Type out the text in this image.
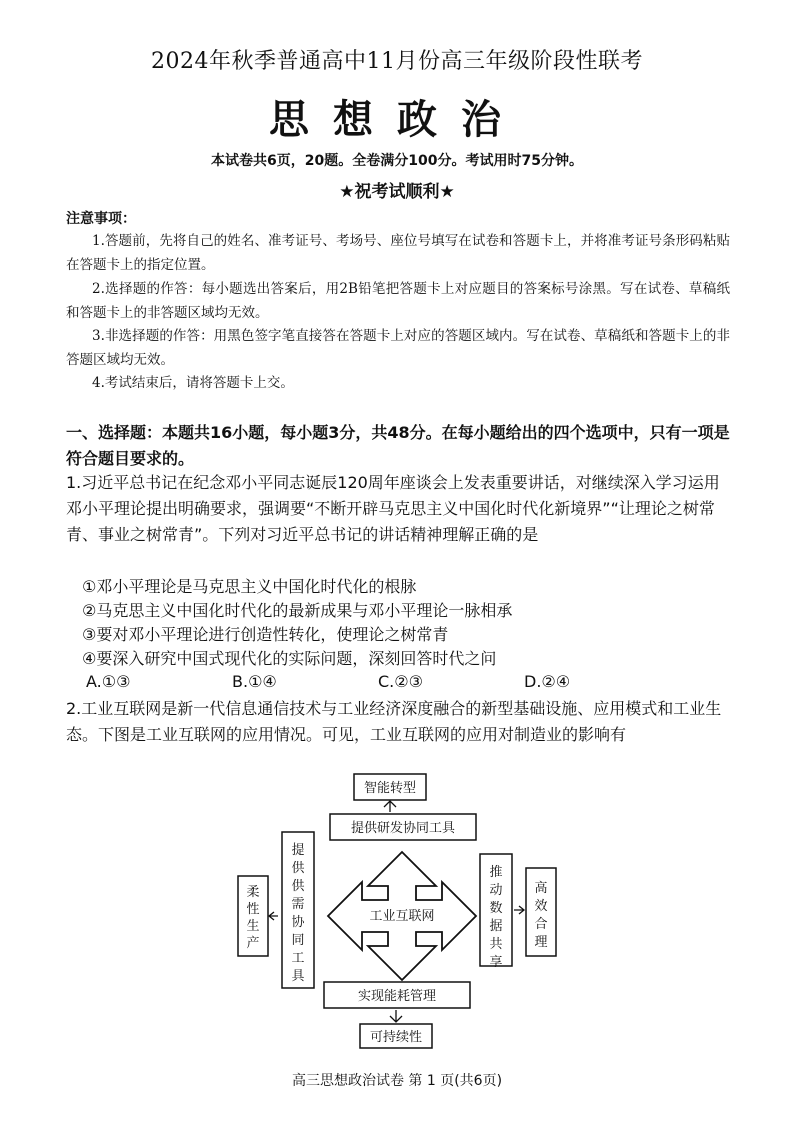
2024年秋季普通高中11月份高三年级阶段性联考
思想政治
本试卷共6页，20题。全卷满分100分。考试用时75分钟。
★祝考试顺利★
注意事项：
1.答题前，先将自己的姓名、准考证号、考场号、座位号填写在试卷和答题卡上，并将准考证号条形码粘贴在答题卡上的指定位置。
2.选择题的作答：每小题选出答案后，用2B铅笔把答题卡上对应题目的答案标号涂黑。写在试卷、草稿纸和答题卡上的非答题区域均无效。
3.非选择题的作答：用黑色签字笔直接答在答题卡上对应的答题区域内。写在试卷、草稿纸和答题卡上的非答题区域均无效。
4.考试结束后，请将答题卡上交。
一、选择题：本题共16小题，每小题3分，共48分。在每小题给出的四个选项中，只有一项是符合题目要求的。
1.习近平总书记在纪念邓小平同志诞辰120周年座谈会上发表重要讲话，对继续深入学习运用邓小平理论提出明确要求，强调要“不断开辟马克思主义中国化时代化新境界”“让理论之树常青、事业之树常青”。下列对习近平总书记的讲话精神理解正确的是
①邓小平理论是马克思主义中国化时代化的根脉
②马克思主义中国化时代化的最新成果与邓小平理论一脉相承
③要对邓小平理论进行创造性转化，使理论之树常青
④要深入研究中国式现代化的实际问题，深刻回答时代之问
A.①③	B.①④	C.②③	D.②④
2.工业互联网是新一代信息通信技术与工业经济深度融合的新型基础设施、应用模式和工业生态。下图是工业互联网的应用情况。可见，工业互联网的应用对制造业的影响有
工业互联网
智能转型
提供研发协同工具
提供供需协同工具
柔性生产
推动数据共享
高效合理
实现能耗管理
可持续性
高三思想政治试卷 第 1 页(共6页)
